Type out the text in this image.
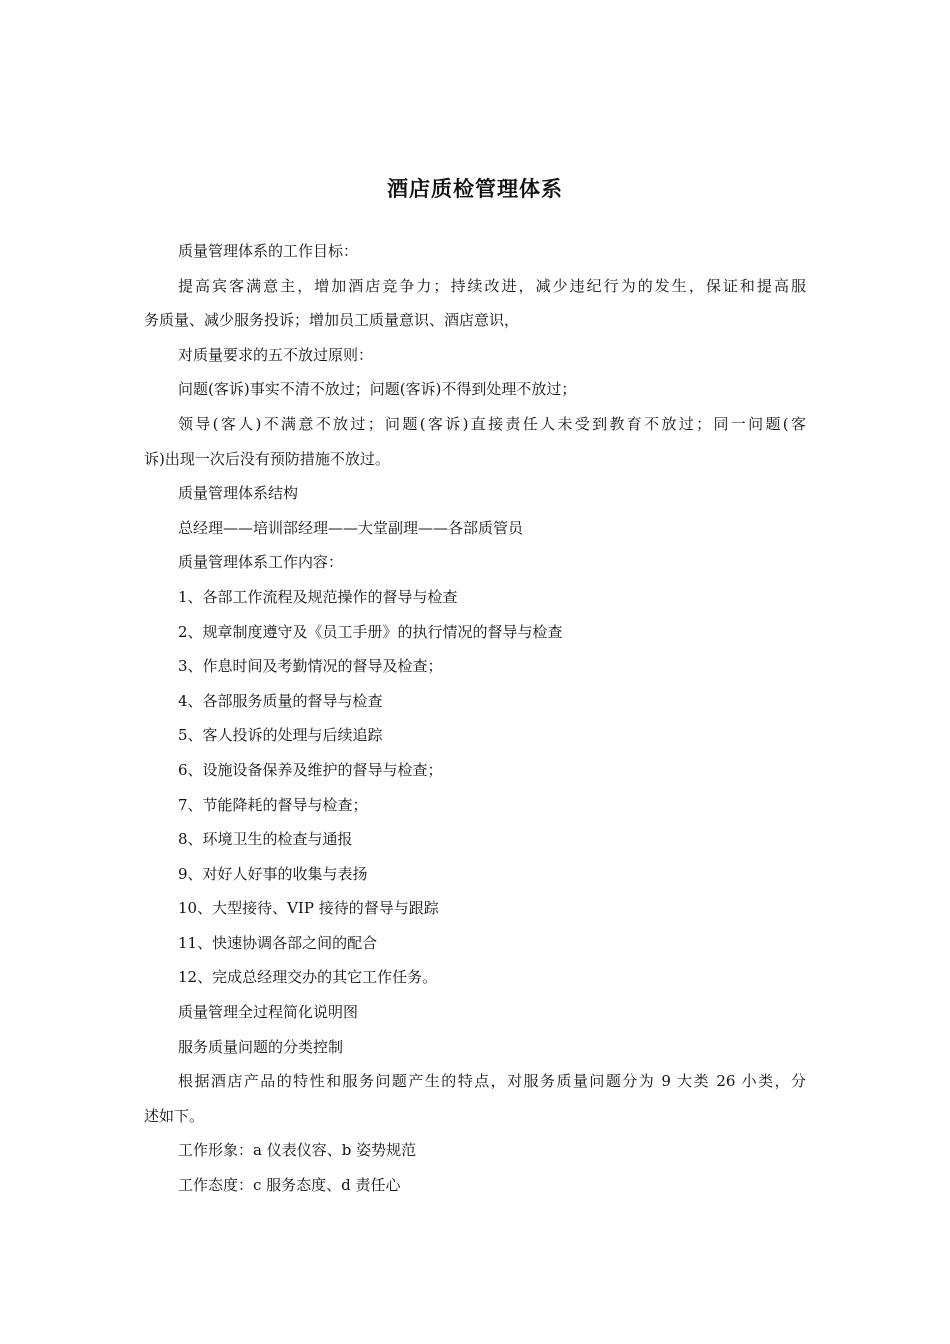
酒店质检管理体系

质量管理体系的工作目标：

提高宾客满意主，增加酒店竞争力；持续改进，减少违纪行为的发生，保证和提高服

务质量、减少服务投诉；增加员工质量意识、酒店意识，

对质量要求的五不放过原则：

问题(客诉)事实不清不放过；问题(客诉)不得到处理不放过；

领导(客人)不满意不放过；问题(客诉)直接责任人未受到教育不放过；同一问题(客

诉)出现一次后没有预防措施不放过。

质量管理体系结构

总经理——培训部经理——大堂副理——各部质管员

质量管理体系工作内容：

1、各部工作流程及规范操作的督导与检查

2、规章制度遵守及《员工手册》的执行情况的督导与检查

3、作息时间及考勤情况的督导及检查；

4、各部服务质量的督导与检查

5、客人投诉的处理与后续追踪

6、设施设备保养及维护的督导与检查；

7、节能降耗的督导与检查；

8、环境卫生的检查与通报

9、对好人好事的收集与表扬

10、大型接待、VIP 接待的督导与跟踪

11、快速协调各部之间的配合

12、完成总经理交办的其它工作任务。

质量管理全过程简化说明图

服务质量问题的分类控制

根据酒店产品的特性和服务问题产生的特点，对服务质量问题分为 9 大类 26 小类，分

述如下。

工作形象：a 仪表仪容、b 姿势规范

工作态度：c 服务态度、d 责任心
